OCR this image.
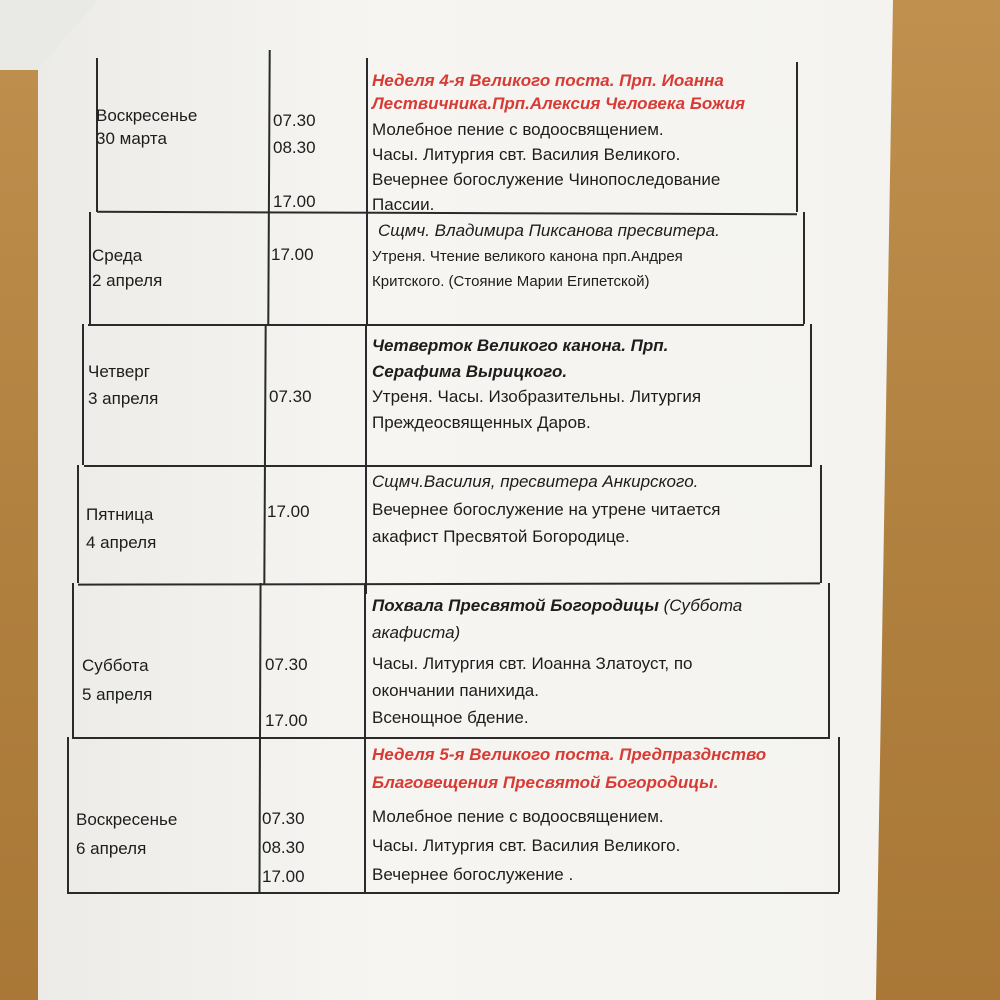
Воскресенье
30 марта
07.30
08.30

17.00
Неделя 4-я Великого поста. Прп. Иоанна Лествичника.Прп.Алексия Человека Божия
Молебное пение с водоосвящением.
Часы. Литургия свт. Василия Великого.
Вечернее богослужение Чинопоследование
Пассии.
Среда
2 апреля
17.00
Сщмч. Владимира Пиксанова пресвитера.
Утреня. Чтение великого канона прп.Андрея
Критского. (Стояние Марии Египетской)
Четверг
3 апреля	07.30
Четверток Великого канона. Прп. Серафима Вырицкого.
Утреня. Часы. Изобразительны. Литургия
Преждеосвященных Даров.
Пятница
4 апреля
17.00
Сщмч.Василия, пресвитера Анкирского.
Вечернее богослужение на утрене читается
акафист Пресвятой Богородице.
Суббота
5 апреля
07.30

17.00
Похвала Пресвятой Богородицы (Суббота акафиста)
Часы. Литургия свт. Иоанна Златоуст, по
окончании панихида.
Всенощное бдение.
Воскресенье
6 апреля
07.30
08.30
17.00
Неделя 5-я Великого поста. Предпразднство Благовещения Пресвятой Богородицы.
Молебное пение с водоосвящением.
Часы. Литургия свт. Василия Великого.
Вечернее богослужение .
